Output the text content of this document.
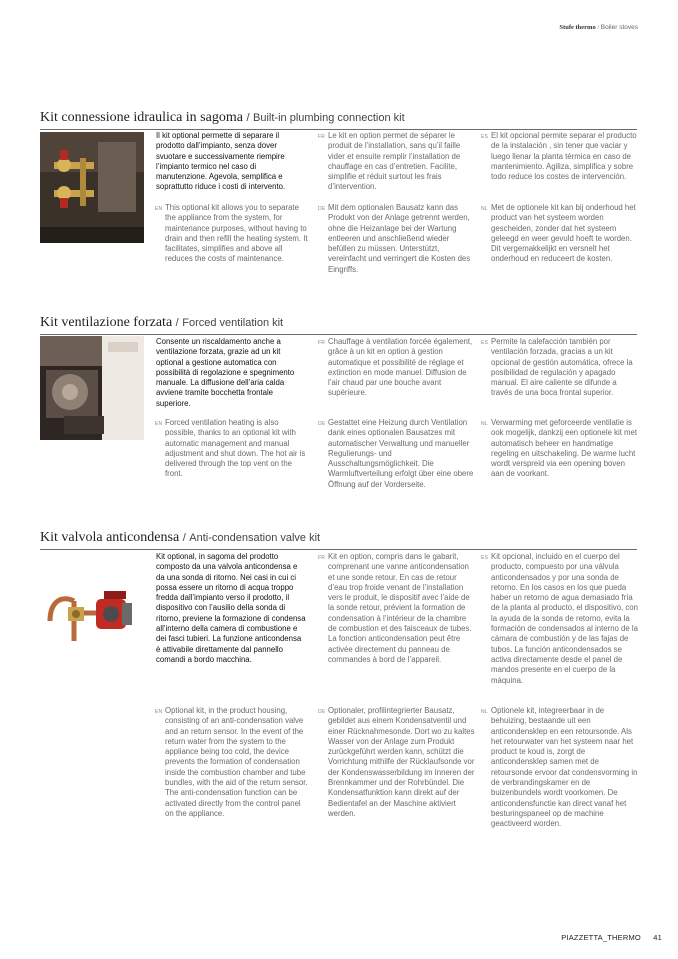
Stufe thermo / Boiler stoves
Kit connessione idraulica in sagoma / Built-in plumbing connection kit

Il kit optional permette di separare il prodotto dall’impianto, senza dover svuotare e successivamente riempire l’impianto termico nel caso di manutenzione. Agevola, semplifica e soprattutto riduce i costi di intervento.

FR Le kit en option permet de séparer le produit de l’installation, sans qu’il faille vider et ensuite remplir l’installation de chauffage en cas d’entretien. Facilite, simplifie et réduit surtout les frais d’intervention.

ES El kit opcional permite separar el producto de la instalación , sin tener que vaciar y luego llenar la planta térmica en caso de mantenimiento. Agiliza, simplifica y sobre todo reduce los costes de intervención.

EN This optional kit allows you to separate the appliance from the system, for maintenance purposes, without having to drain and then refill the heating system. It facilitates, simplifies and above all reduces the costs of maintenance.

DE Mit dem optionalen Bausatz kann das Produkt von der Anlage getrennt werden, ohne die Heizanlage bei der Wartung entleeren und anschließend wieder befüllen zu müssen. Unterstützt, vereinfacht und verringert die Kosten des Eingriffs.

NL Met de optionele kit kan bij onderhoud het product van het systeem worden gescheiden, zonder dat het systeem geleegd en weer gevuld hoeft te worden. Dit vergemakkelijkt en versnelt het onderhoud en reduceert de kosten.

Kit ventilazione forzata / Forced ventilation kit

Consente un riscaldamento anche a ventilazione forzata, grazie ad un kit optional a gestione automatica con possibilità di regolazione e spegnimento manuale. La diffusione dell’aria calda avviene tramite bocchetta frontale superiore.

FR Chauffage à ventilation forcée également, grâce à un kit en option à gestion automatique et possibilité de réglage et extinction en mode manuel. Diffusion de l’air chaud par une bouche avant supérieure.

ES Permite la calefacción también por ventilación forzada, gracias a un kit opcional de gestión automática, ofrece la posibilidad de regulación y apagado manual. El aire caliente se difunde a través de una boca frontal superior.

EN Forced ventilation heating is also possible, thanks to an optional kit with automatic management and manual adjustment and shut down. The hot air is delivered through the top vent on the front.

DE Gestattet eine Heizung durch Ventilation dank eines optionalen Bausatzes mit automatischer Verwaltung und manueller Regulierungs- und Ausschaltungsmöglichkeit. Die Warmluftverteilung erfolgt über eine obere Öffnung auf der Vorderseite.

NL Verwarming met geforceerde ventilatie is ook mogelijk, dankzij een optionele kit met automatisch beheer en handmatige regeling en uitschakeling. De warme lucht wordt verspreid via een opening boven aan de voorkant.

Kit valvola anticondensa / Anti-condensation valve kit

Kit optional, in sagoma del prodotto composto da una valvola anticondensa e da una sonda di ritorno. Nei casi in cui ci possa essere un ritorno di acqua troppo fredda dall’impianto verso il prodotto, il dispositivo con l’ausilio della sonda di ritorno, previene la formazione di condensa all’interno della camera di combustione e dei fasci tubieri. La funzione anticondensa è attivabile direttamente dal pannello comandi a bordo macchina.

FR Kit en option, compris dans le gabarit, comprenant une vanne anticondensation et une sonde retour. En cas de retour d’eau trop froide venant de l’installation vers le produit, le dispositif avec l’aide de la sonde retour, prévient la formation de condensation à l’intérieur de la chambre de combustion et des faisceaux de tubes. La fonction anticondensation peut être activée directement du panneau de commandes à bord de l’appareil.

ES Kit opcional, incluido en el cuerpo del producto, compuesto por una válvula anticondensados y por una sonda de retorno. En los casos en los que pueda haber un retorno de agua demasiado fría de la planta al producto, el dispositivo, con la ayuda de la sonda de retorno, evita la formación de condensados al interno de la cámara de combustión y de las fajas de tubos. La función anticondensados se activa directamente desde el panel de mandos presente en el cuerpo de la máquina.

EN Optional kit, in the product housing, consisting of an anti-condensation valve and an return sensor. In the event of the return water from the system to the appliance being too cold, the device prevents the formation of condensation inside the combustion chamber and tube bundles, with the aid of the return sensor. The anti-condensation function can be activated directly from the control panel on the appliance.

DE Optionaler, profilintegrierter Bausatz, gebildet aus einem Kondensatventil und einer Rücknahmesonde. Dort wo zu kaltes Wasser von der Anlage zum Produkt zurückgeführt werden kann, schützt die Vorrichtung mithilfe der Rücklaufsonde vor der Kondenswasserbildung im Inneren der Brennkammer und der Rohrbündel. Die Kondensatfunktion kann direkt auf der Bedientafel an der Maschine aktiviert werden.

NL Optionele kit, integreerbaar in de behuizing, bestaande uit een anticondensklep en een retoursonde. Als het retourwater van het systeem naar het product te koud is, zorgt de anticondensklep samen met de retoursonde ervoor dat condensvorming in de verbrandingskamer en de buizenbundels wordt voorkomen. De anticondensfunctie kan direct vanaf het besturingspaneel op de machine geactiveerd worden.

PIAZZETTA_THERMO 41
